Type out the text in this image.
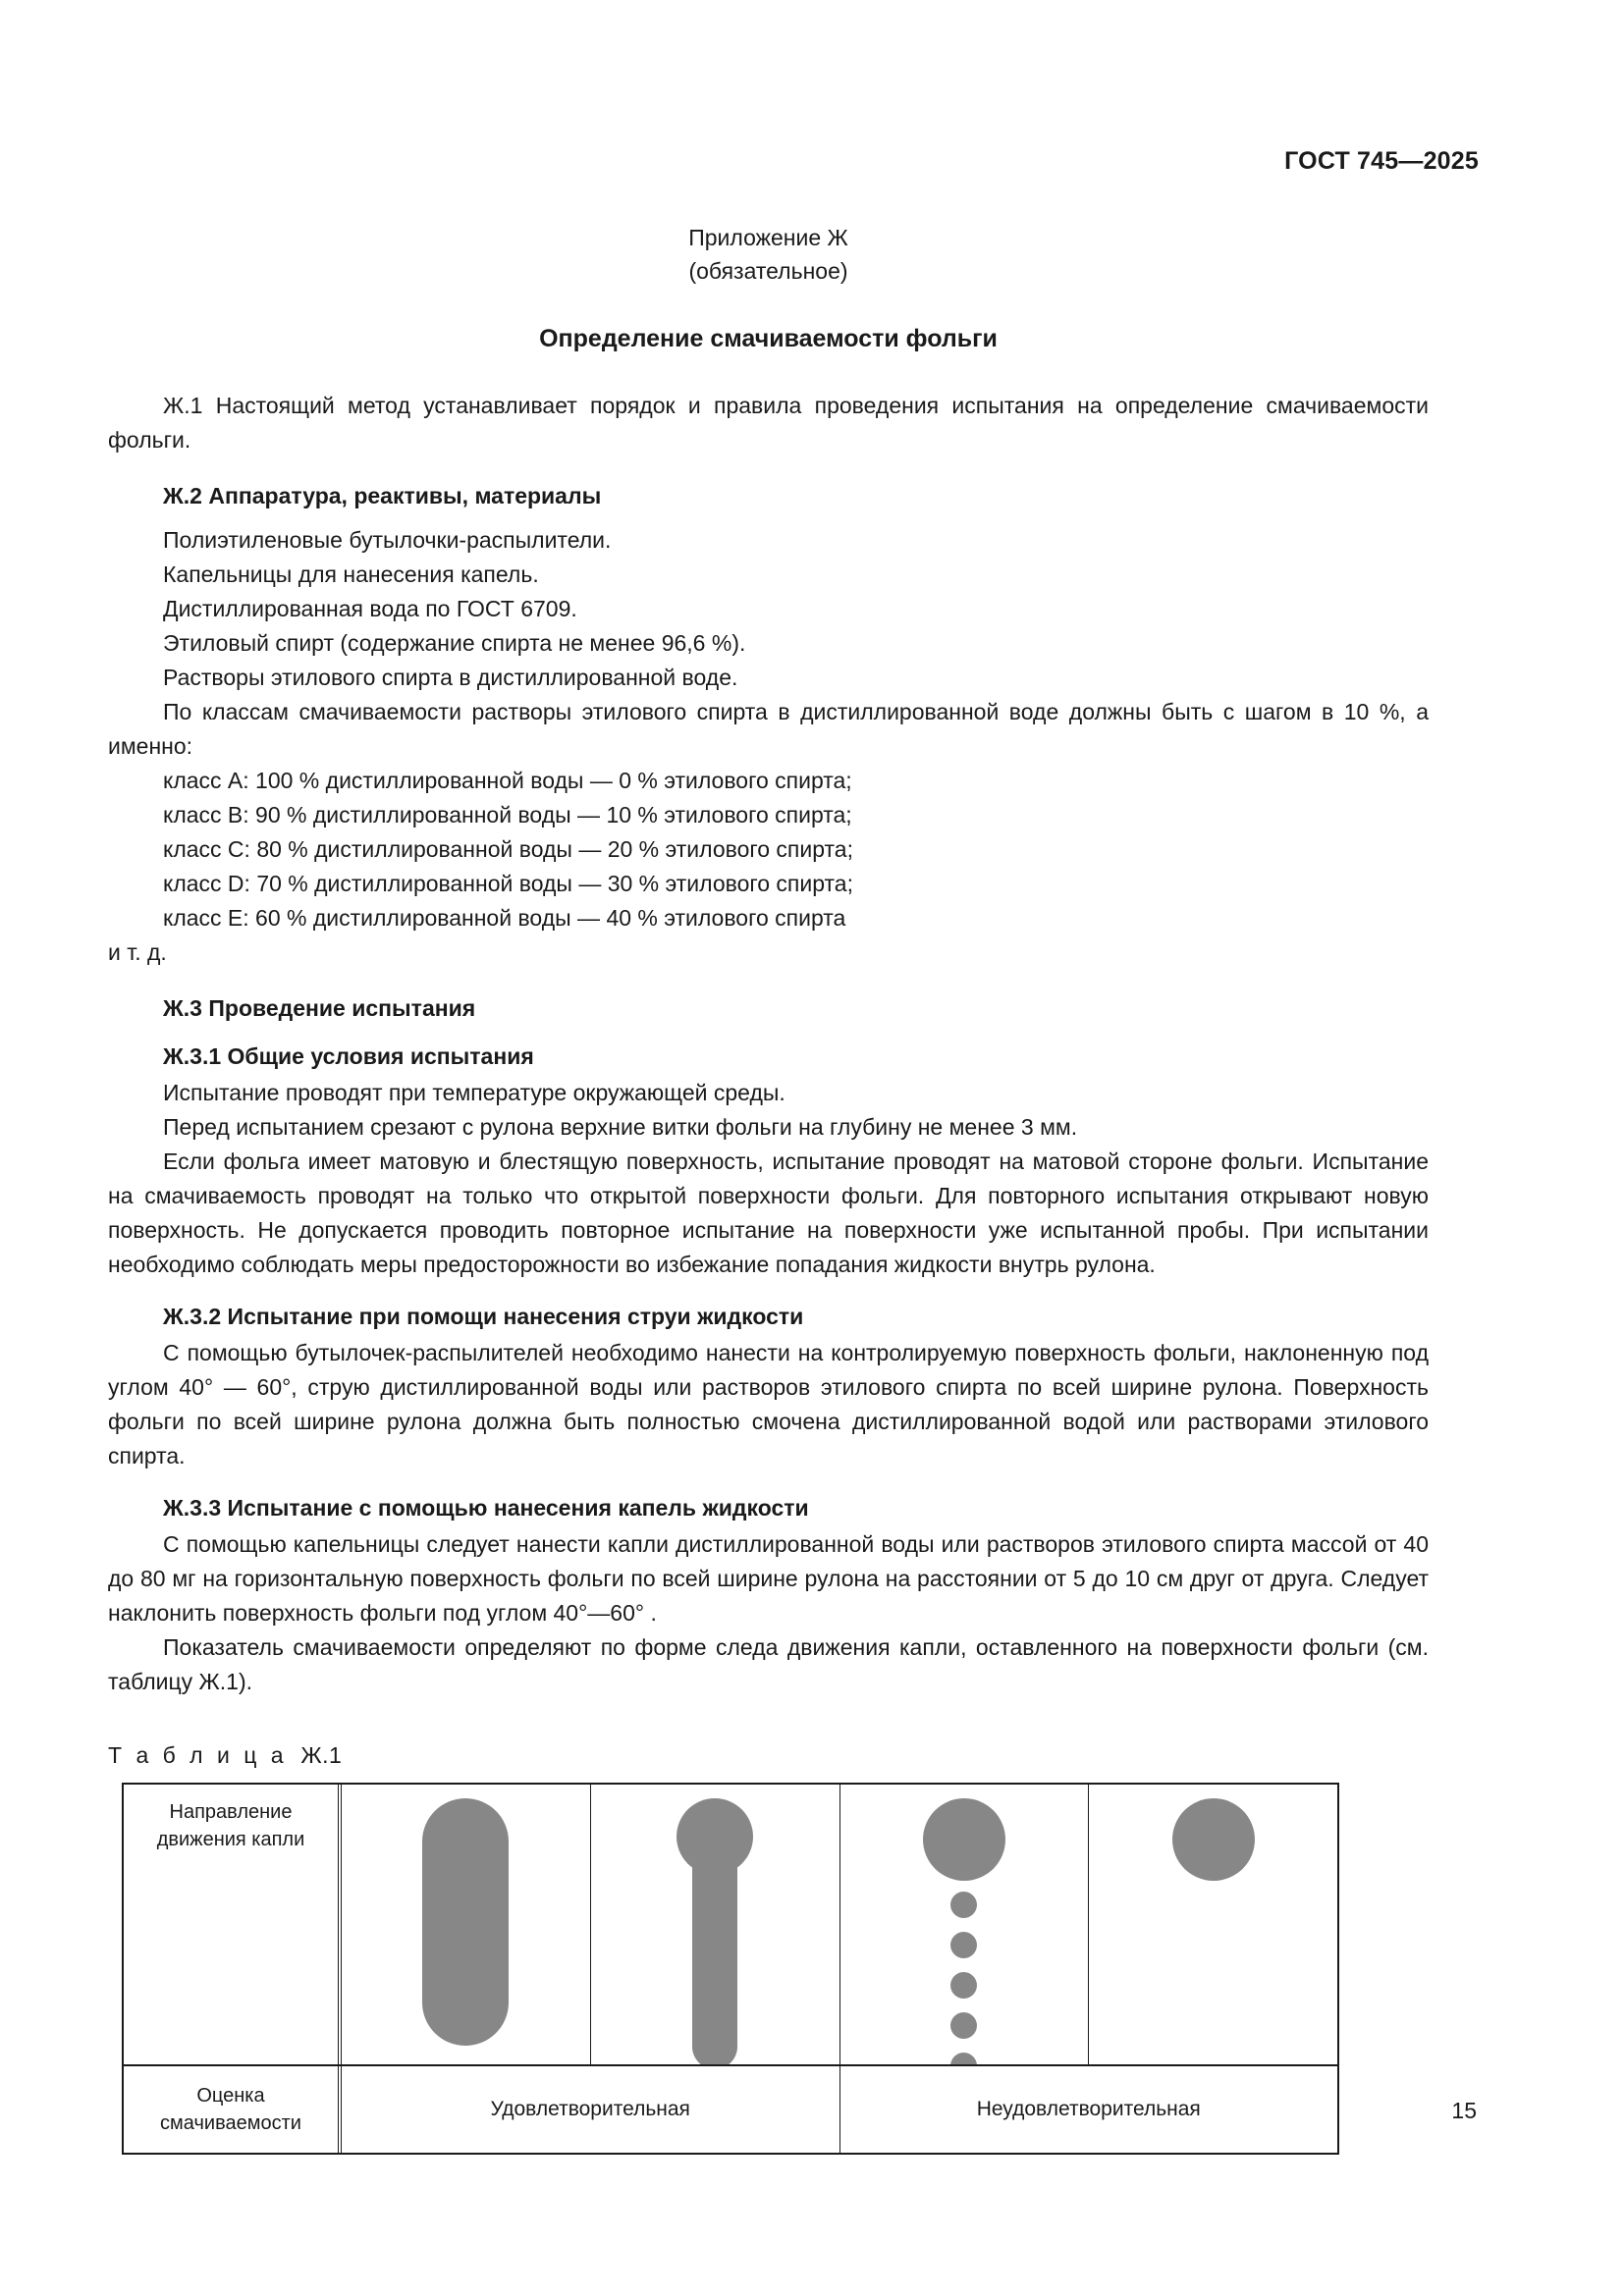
ГОСТ 745—2025
Приложение Ж
(обязательное)
Определение смачиваемости фольги

Ж.1 Настоящий метод устанавливает порядок и правила проведения испытания на определение смачиваемости фольги.

Ж.2 Аппаратура, реактивы, материалы
Полиэтиленовые бутылочки-распылители.
Капельницы для нанесения капель.
Дистиллированная вода по ГОСТ 6709.
Этиловый спирт (содержание спирта не менее 96,6 %).
Растворы этилового спирта в дистиллированной воде.

По классам смачиваемости растворы этилового спирта в дистиллированной воде должны быть с шагом в 10 %, а именно:

класс A: 100 % дистиллированной воды — 0 % этилового спирта;
класс B: 90 % дистиллированной воды — 10 % этилового спирта;
класс C: 80 % дистиллированной воды — 20 % этилового спирта;
класс D: 70 % дистиллированной воды — 30 % этилового спирта;
класс E: 60 % дистиллированной воды — 40 % этилового спирта

и т. д.

Ж.3 Проведение испытания
Ж.3.1 Общие условия испытания
Испытание проводят при температуре окружающей среды.
Перед испытанием срезают с рулона верхние витки фольги на глубину не менее 3 мм.

Если фольга имеет матовую и блестящую поверхность, испытание проводят на матовой стороне фольги. Испытание на смачиваемость проводят на только что открытой поверхности фольги. Для повторного испытания открывают новую поверхность. Не допускается проводить повторное испытание на поверхности уже испытанной пробы. При испытании необходимо соблюдать меры предосторожности во избежание попадания жидкости внутрь рулона.

Ж.3.2 Испытание при помощи нанесения струи жидкости

С помощью бутылочек-распылителей необходимо нанести на контролируемую поверхность фольги, наклоненную под углом 40° — 60°, струю дистиллированной воды или растворов этилового спирта по всей ширине рулона. Поверхность фольги по всей ширине рулона должна быть полностью смочена дистиллированной водой или растворами этилового спирта.

Ж.3.3 Испытание с помощью нанесения капель жидкости

С помощью капельницы следует нанести капли дистиллированной воды или растворов этилового спирта массой от 40 до 80 мг на горизонтальную поверхность фольги по всей ширине рулона на расстоянии от 5 до 10 см друг от друга. Следует наклонить поверхность фольги под углом 40°—60° .

Показатель смачиваемости определяют по форме следа движения капли, оставленного на поверхности фольги (см. таблицу Ж.1).

Т а б л и ц а Ж.1
Направление
движения капли
Оценка
смачиваемости
Удовлетворительная	Неудовлетворительная	15
